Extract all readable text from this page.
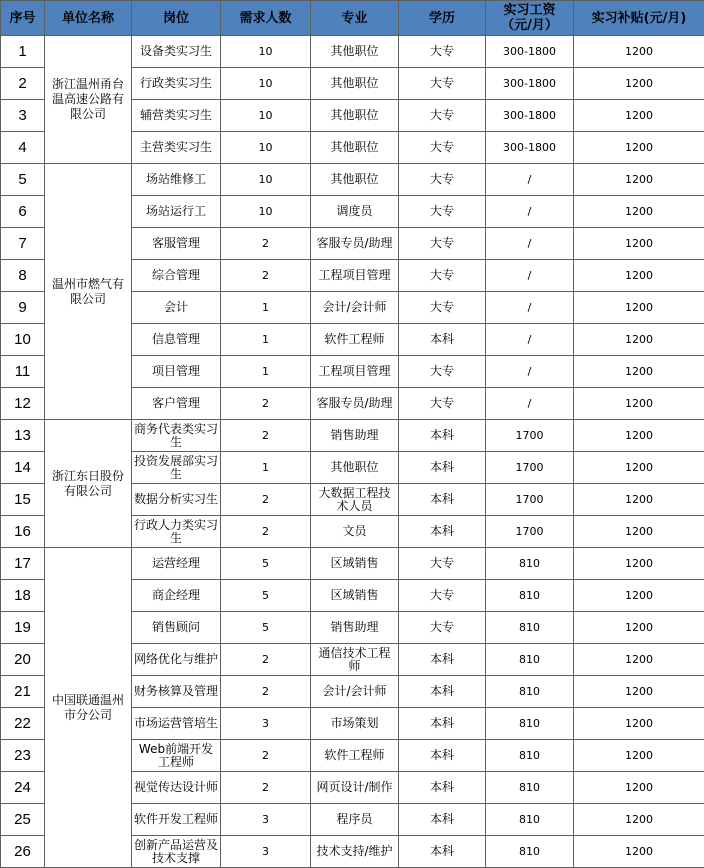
序号	单位名称	岗位	需求人数	专业	学历	实习工资
（元/月）	实习补贴(元/月)
1	浙江温州甬台温高速公路有限公司	设备类实习生	10	其他职位	大专	300-1800	1200
2		行政类实习生	10	其他职位	大专	300-1800	1200
3		辅营类实习生	10	其他职位	大专	300-1800	1200
4		主营类实习生	10	其他职位	大专	300-1800	1200
5	温州市燃气有限公司	场站维修工	10	其他职位	大专	/	1200
6		场站运行工	10	调度员	大专	/	1200
7		客服管理	2	客服专员/助理	大专	/	1200
8		综合管理	2	工程项目管理	大专	/	1200
9		会计	1	会计/会计师	大专	/	1200
10		信息管理	1	软件工程师	本科	/	1200
11		项目管理	1	工程项目管理	大专	/	1200
12		客户管理	2	客服专员/助理	大专	/	1200
13	浙江东日股份有限公司	商务代表类实习生	2	销售助理	本科	1700	1200
14		投资发展部实习生	1	其他职位	本科	1700	1200
15		数据分析实习生	2	大数据工程技术人员	本科	1700	1200
16		行政人力类实习生	2	文员	本科	1700	1200
17	中国联通温州市分公司	运营经理	5	区域销售	大专	810	1200
18		商企经理	5	区域销售	大专	810	1200
19		销售顾问	5	销售助理	大专	810	1200
20		网络优化与维护	2	通信技术工程师	本科	810	1200
21		财务核算及管理	2	会计/会计师	本科	810	1200
22		市场运营管培生	3	市场策划	本科	810	1200
23		Web前端开发工程师	2	软件工程师	本科	810	1200
24		视觉传达设计师	2	网页设计/制作	本科	810	1200
25		软件开发工程师	3	程序员	本科	810	1200
26		创新产品运营及技术支撑	3	技术支持/维护	本科	810	1200
